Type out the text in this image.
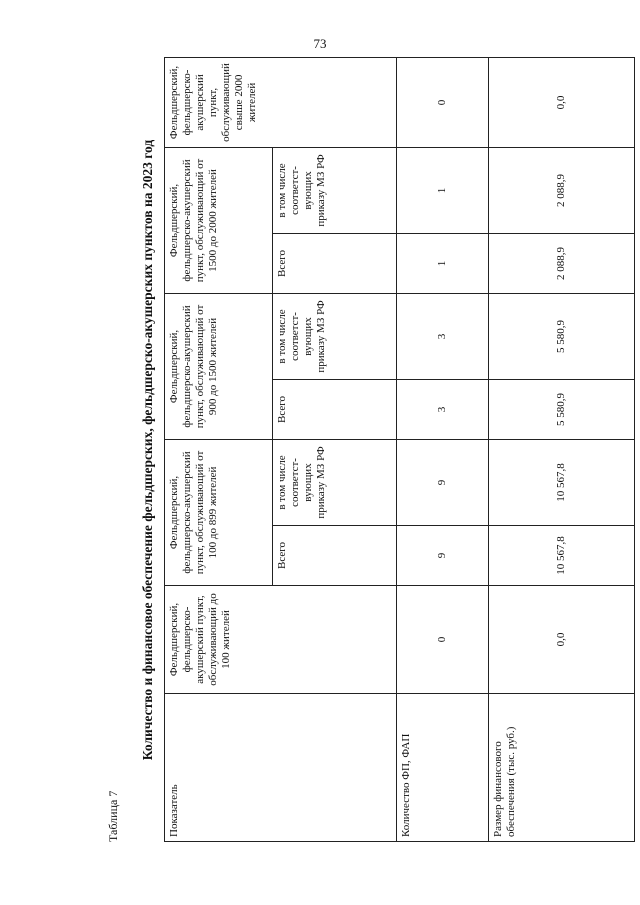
73
Таблица 7
Количество и финансовое обеспечение фельдшерских, фельдшерско-акушерских пунктов на 2023 год
Показатель	Фельдшерский, фельдшерско-акушерский пункт, обслуживающий до 100 жителей	Фельдшерский, фельдшерско-акушерский пункт, обслуживающий от 100 до 899 жителей		Фельдшерский, фельдшерско-акушерский пункт, обслуживающий от 900 до 1500 жителей		Фельдшерский, фельдшерско-акушерский пункт, обслуживающий от 1500 до 2000 жителей		Фельдшерский, фельдшерско-акушерский пункт, обслуживающий свыше 2000 жителей
		Всего	в том числе соответст-вующих приказу МЗ РФ	Всего	в том числе соответст-вующих приказу МЗ РФ	Всего	в том числе соответст-вующих приказу МЗ РФ	
Количество ФП, ФАП	0	9	9	3	3	1	1	0
Размер финансового обеспечения (тыс. руб.)	0,0	10 567,8	10 567,8	5 580,9	5 580,9	2 088,9	2 088,9	0,0
